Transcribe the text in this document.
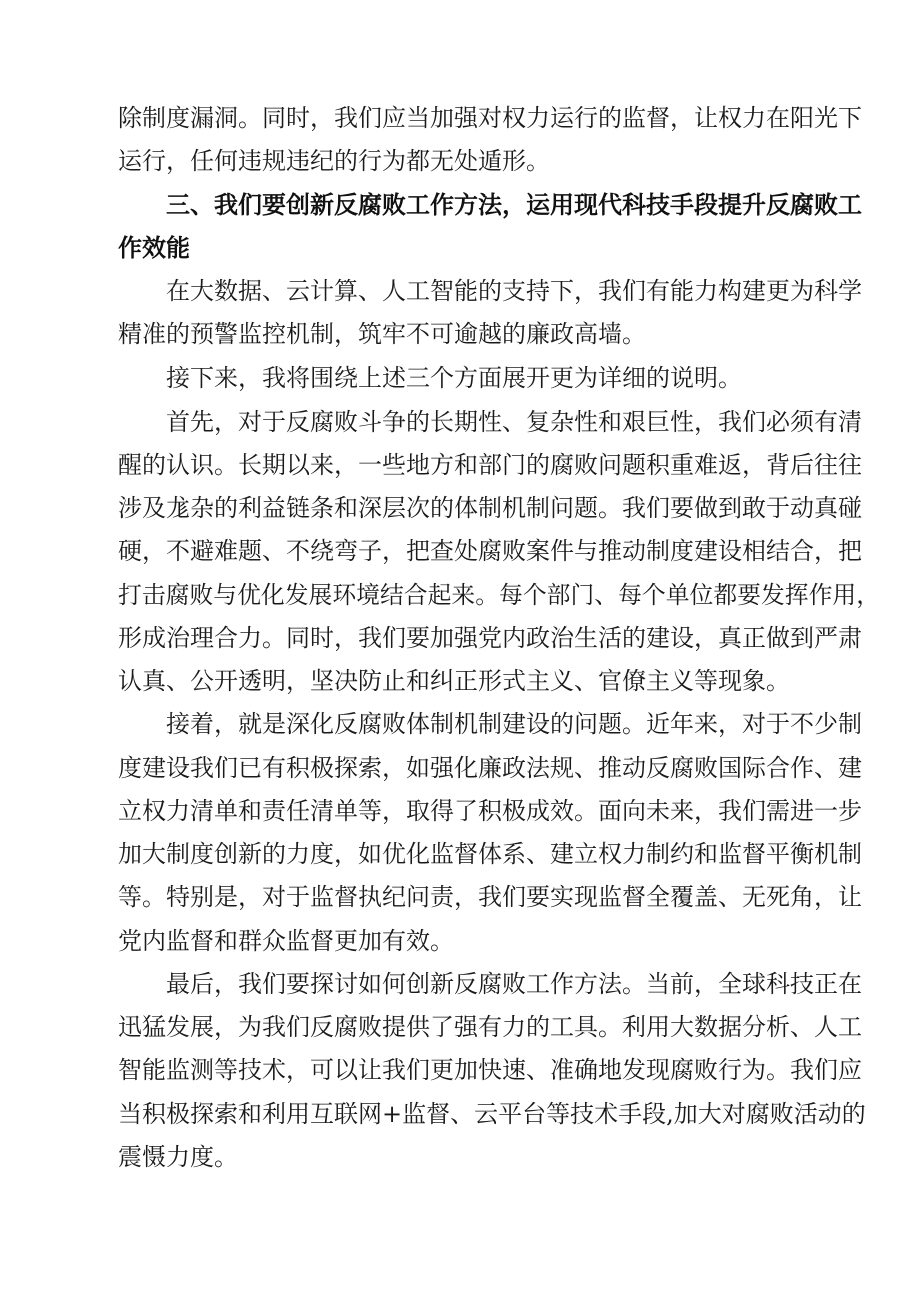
除制度漏洞。同时，我们应当加强对权力运行的监督，让权力在阳光下
运行，任何违规违纪的行为都无处遁形。
三、我们要创新反腐败工作方法，运用现代科技手段提升反腐败工
作效能
在大数据、云计算、人工智能的支持下，我们有能力构建更为科学
精准的预警监控机制，筑牢不可逾越的廉政高墙。
接下来，我将围绕上述三个方面展开更为详细的说明。
首先，对于反腐败斗争的长期性、复杂性和艰巨性，我们必须有清
醒的认识。长期以来，一些地方和部门的腐败问题积重难返，背后往往
涉及尨杂的利益链条和深层次的体制机制问题。我们要做到敢于动真碰
硬，不避难题、不绕弯子，把查处腐败案件与推动制度建设相结合，把
打击腐败与优化发展环境结合起来。每个部门、每个单位都要发挥作用，
形成治理合力。同时，我们要加强党内政治生活的建设，真正做到严肃
认真、公开透明，坚决防止和纠正形式主义、官僚主义等现象。
接着，就是深化反腐败体制机制建设的问题。近年来，对于不少制
度建设我们已有积极探索，如强化廉政法规、推动反腐败国际合作、建
立权力清单和责任清单等，取得了积极成效。面向未来，我们需进一步
加大制度创新的力度，如优化监督体系、建立权力制约和监督平衡机制
等。特别是，对于监督执纪问责，我们要实现监督全覆盖、无死角，让
党内监督和群众监督更加有效。
最后，我们要探讨如何创新反腐败工作方法。当前，全球科技正在
迅猛发展，为我们反腐败提供了强有力的工具。利用大数据分析、人工
智能监测等技术，可以让我们更加快速、准确地发现腐败行为。我们应
当积极探索和利用互联网+监督、云平台等技术手段,加大对腐败活动的
震慑力度。
